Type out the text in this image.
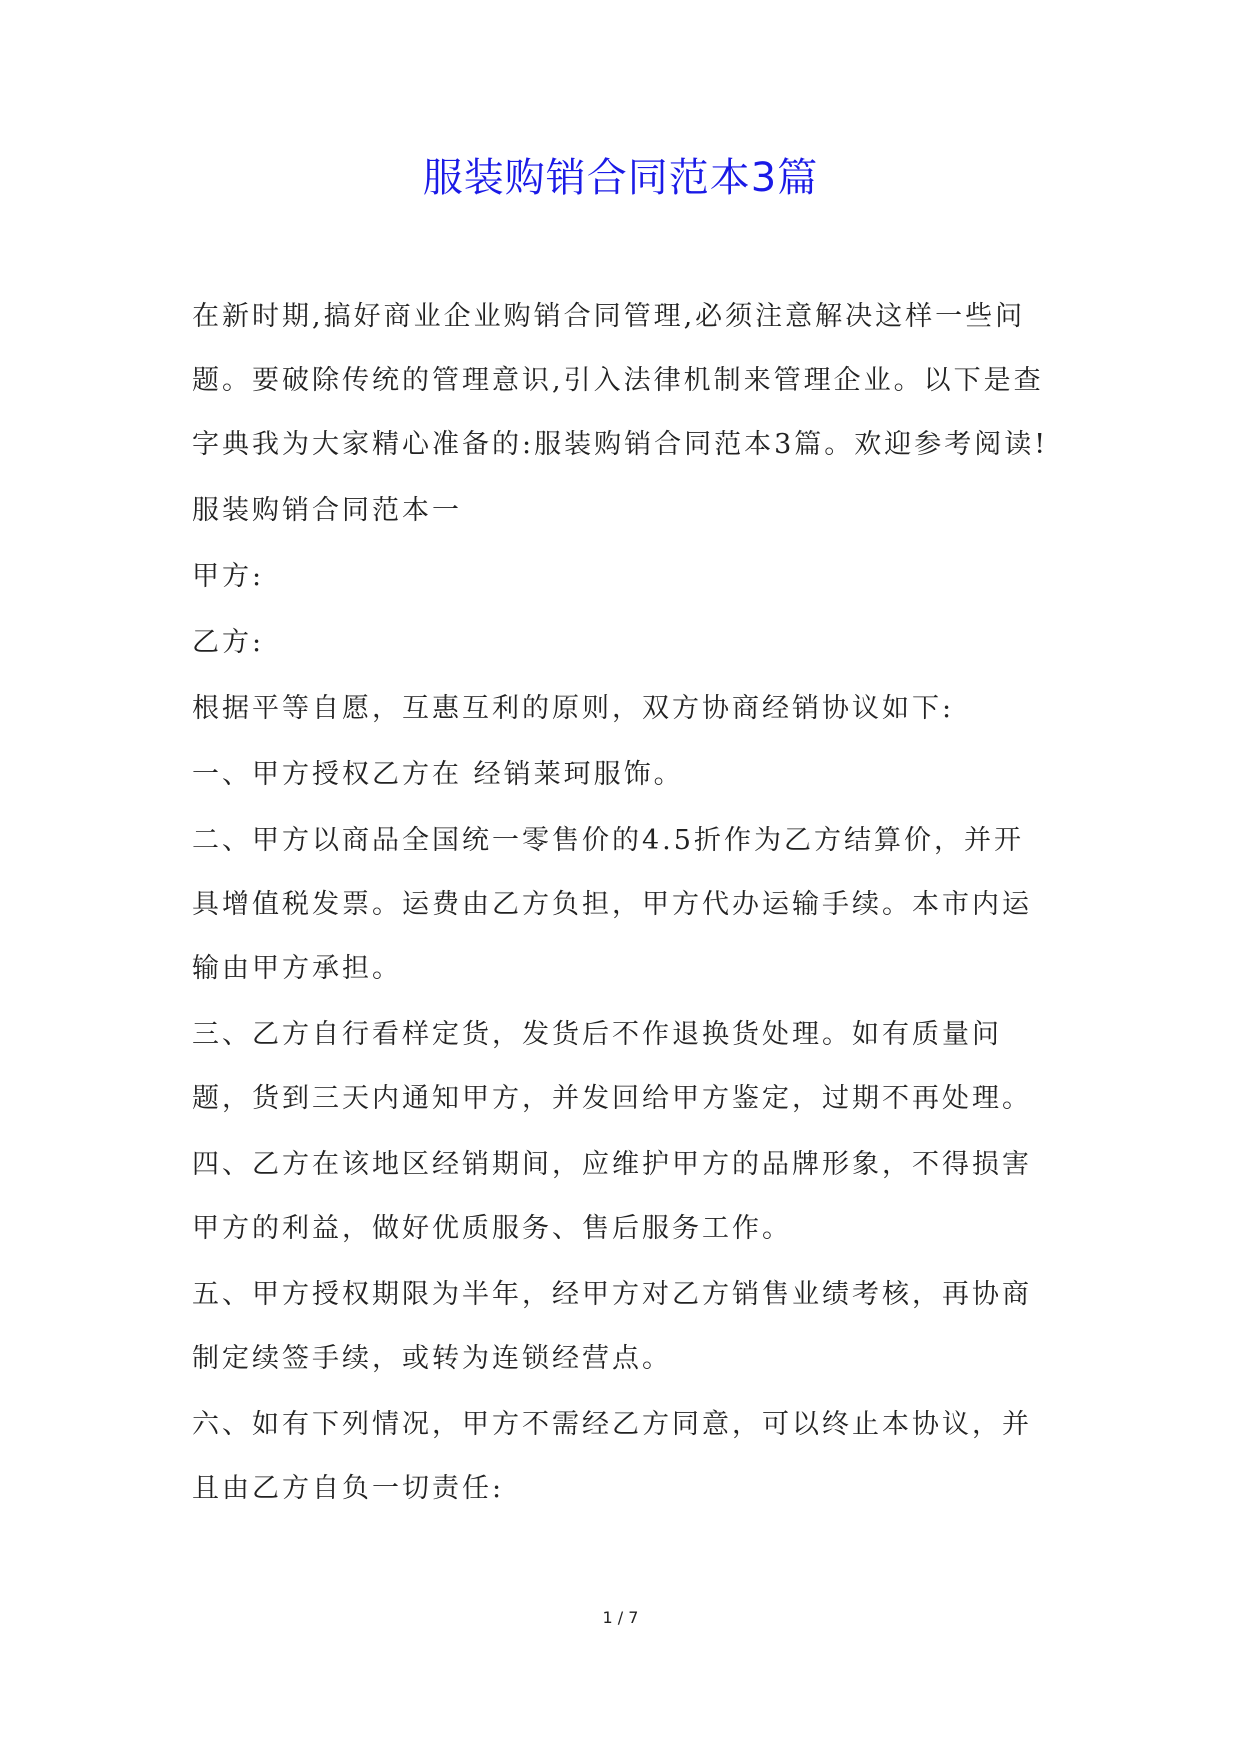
服装购销合同范本3篇

在新时期,搞好商业企业购销合同管理,必须注意解决这样一些问题。要破除传统的管理意识,引入法律机制来管理企业。以下是查字典我为大家精心准备的:服装购销合同范本3篇。欢迎参考阅读!

服装购销合同范本一

甲方:

乙方:

根据平等自愿，互惠互利的原则，双方协商经销协议如下:

一、甲方授权乙方在 经销莱珂服饰。

二、甲方以商品全国统一零售价的4.5折作为乙方结算价，并开具增值税发票。运费由乙方负担，甲方代办运输手续。本市内运输由甲方承担。

三、乙方自行看样定货，发货后不作退换货处理。如有质量问题，货到三天内通知甲方，并发回给甲方鉴定，过期不再处理。

四、乙方在该地区经销期间，应维护甲方的品牌形象，不得损害甲方的利益，做好优质服务、售后服务工作。

五、甲方授权期限为半年，经甲方对乙方销售业绩考核，再协商制定续签手续，或转为连锁经营点。

六、如有下列情况，甲方不需经乙方同意，可以终止本协议，并且由乙方自负一切责任:

1 / 7
